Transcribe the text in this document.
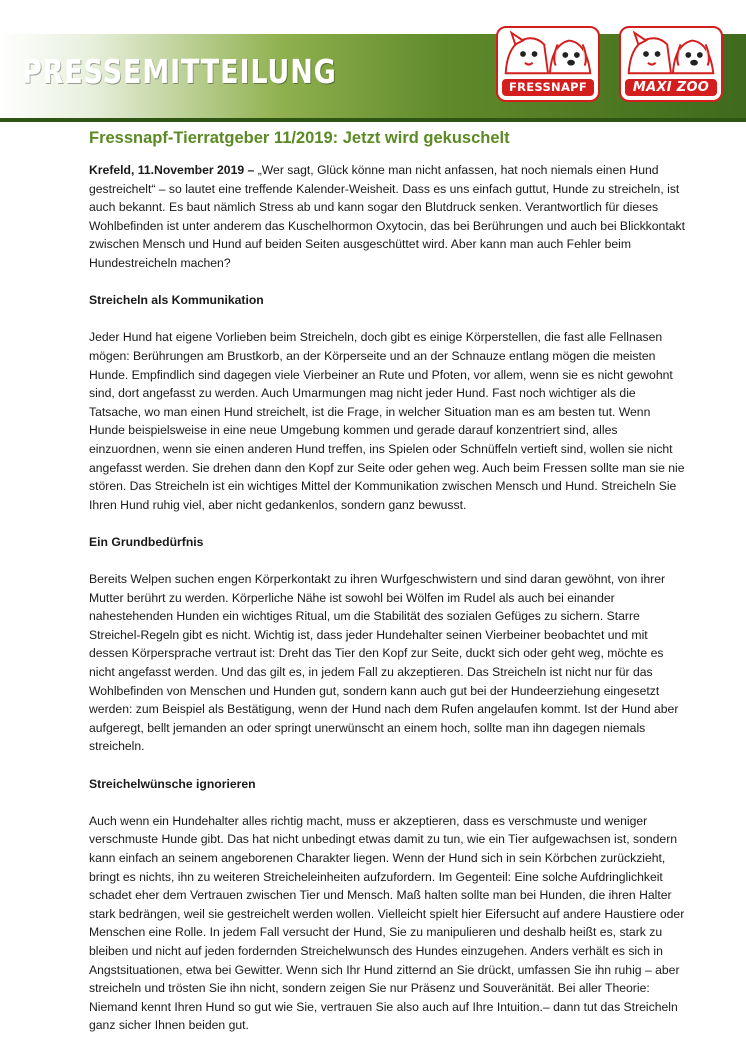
PRESSEMITTEILUNG	FRESSNAPF	MAXI ZOO
Fressnapf-Tierratgeber 11/2019: Jetzt wird gekuschelt

Krefeld, 11.November 2019 – „Wer sagt, Glück könne man nicht anfassen, hat noch niemals einen Hund gestreichelt“ – so lautet eine treffende Kalender-Weisheit. Dass es uns einfach guttut, Hunde zu streicheln, ist auch bekannt. Es baut nämlich Stress ab und kann sogar den Blutdruck senken. Verantwortlich für dieses Wohlbefinden ist unter anderem das Kuschelhormon Oxytocin, das bei Berührungen und auch bei Blickkontakt zwischen Mensch und Hund auf beiden Seiten ausgeschüttet wird. Aber kann man auch Fehler beim Hundestreicheln machen?

Streicheln als Kommunikation

Jeder Hund hat eigene Vorlieben beim Streicheln, doch gibt es einige Körperstellen, die fast alle Fellnasen mögen: Berührungen am Brustkorb, an der Körperseite und an der Schnauze entlang mögen die meisten Hunde. Empfindlich sind dagegen viele Vierbeiner an Rute und Pfoten, vor allem, wenn sie es nicht gewohnt sind, dort angefasst zu werden. Auch Umarmungen mag nicht jeder Hund. Fast noch wichtiger als die Tatsache, wo man einen Hund streichelt, ist die Frage, in welcher Situation man es am besten tut. Wenn Hunde beispielsweise in eine neue Umgebung kommen und gerade darauf konzentriert sind, alles einzuordnen, wenn sie einen anderen Hund treffen, ins Spielen oder Schnüffeln vertieft sind, wollen sie nicht angefasst werden. Sie drehen dann den Kopf zur Seite oder gehen weg. Auch beim Fressen sollte man sie nie stören. Das Streicheln ist ein wichtiges Mittel der Kommunikation zwischen Mensch und Hund. Streicheln Sie Ihren Hund ruhig viel, aber nicht gedankenlos, sondern ganz bewusst.

Ein Grundbedürfnis

Bereits Welpen suchen engen Körperkontakt zu ihren Wurfgeschwistern und sind daran gewöhnt, von ihrer Mutter berührt zu werden. Körperliche Nähe ist sowohl bei Wölfen im Rudel als auch bei einander nahestehenden Hunden ein wichtiges Ritual, um die Stabilität des sozialen Gefüges zu sichern. Starre Streichel-Regeln gibt es nicht. Wichtig ist, dass jeder Hundehalter seinen Vierbeiner beobachtet und mit dessen Körpersprache vertraut ist: Dreht das Tier den Kopf zur Seite, duckt sich oder geht weg, möchte es nicht angefasst werden. Und das gilt es, in jedem Fall zu akzeptieren. Das Streicheln ist nicht nur für das Wohlbefinden von Menschen und Hunden gut, sondern kann auch gut bei der Hundeerziehung eingesetzt werden: zum Beispiel als Bestätigung, wenn der Hund nach dem Rufen angelaufen kommt. Ist der Hund aber aufgeregt, bellt jemanden an oder springt unerwünscht an einem hoch, sollte man ihn dagegen niemals streicheln.

Streichelwünsche ignorieren

Auch wenn ein Hundehalter alles richtig macht, muss er akzeptieren, dass es verschmuste und weniger verschmuste Hunde gibt. Das hat nicht unbedingt etwas damit zu tun, wie ein Tier aufgewachsen ist, sondern kann einfach an seinem angeborenen Charakter liegen. Wenn der Hund sich in sein Körbchen zurückzieht, bringt es nichts, ihn zu weiteren Streicheleinheiten aufzufordern. Im Gegenteil: Eine solche Aufdringlichkeit schadet eher dem Vertrauen zwischen Tier und Mensch. Maß halten sollte man bei Hunden, die ihren Halter stark bedrängen, weil sie gestreichelt werden wollen. Vielleicht spielt hier Eifersucht auf andere Haustiere oder Menschen eine Rolle. In jedem Fall versucht der Hund, Sie zu manipulieren und deshalb heißt es, stark zu bleiben und nicht auf jeden fordernden Streichelwunsch des Hundes einzugehen. Anders verhält es sich in Angstsituationen, etwa bei Gewitter. Wenn sich Ihr Hund zitternd an Sie drückt, umfassen Sie ihn ruhig – aber streicheln und trösten Sie ihn nicht, sondern zeigen Sie nur Präsenz und Souveränität. Bei aller Theorie: Niemand kennt Ihren Hund so gut wie Sie, vertrauen Sie also auch auf Ihre Intuition.– dann tut das Streicheln ganz sicher Ihnen beiden gut.
